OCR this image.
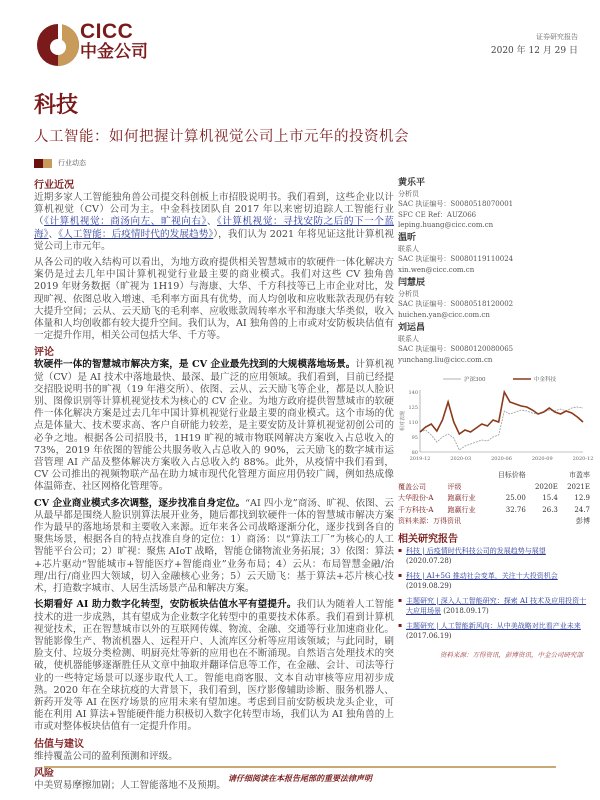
CICC
中金公司
证券研究报告
2020 年 12 月 29 日
科技
人工智能：如何把握计算机视觉公司上市元年的投资机会
行业动态
行业近况

近期多家人工智能独角兽公司提交科创板上市招股说明书。我们看到，这些企业以计算机视觉（CV）公司为主。中金科技团队自 2017 年以来密切追踪人工智能行业（《计算机视觉：商汤向左、旷视向右》、《计算机视觉：寻找安防之后的下一个蓝海》、《人工智能：后疫情时代的发展趋势》），我们认为 2021 年将见证这批计算机视觉公司上市元年。

从各公司的收入结构可以看出，为地方政府提供相关智慧城市的软硬件一体化解决方案仍是过去几年中国计算机视觉行业最主要的商业模式。我们对这些 CV 独角兽 2019 年财务数据（旷视为 1H19）与海康、大华、千方科技等已上市企业对比，发现旷视、依图总收入增速、毛利率方面具有优势，而人均创收和应收账款表现仍有较大提升空间；云从、云天励飞的毛利率、应收账款周转率水平和海康大华类似，收入体量和人均创收都有较大提升空间。我们认为，AI 独角兽的上市或对安防板块估值有一定提升作用，相关公司包括大华、千方等。

评论

软硬件一体的智慧城市解决方案，是 CV 企业最先找到的大规模落地场景。计算机视觉（CV）是 AI 技术中落地最快、最深、最广泛的应用领域。我们看到，目前已经提交招股说明书的旷视（19 年港交所）、依图、云从、云天励飞等企业，都是以人脸识别、图像识别等计算机视觉技术为核心的 CV 企业。为地方政府提供智慧城市的软硬件一体化解决方案是过去几年中国计算机视觉行业最主要的商业模式。这个市场的优点是体量大、技术要求高、客户自研能力较差，是主要安防及计算机视觉初创公司的必争之地。根据各公司招股书，1H19 旷视的城市物联网解决方案收入占总收入的 73%，2019 年依图的智能公共服务收入占总收入的 90%，云天励飞的数字城市运营管理 AI 产品及整体解决方案收入占总收入约 88%。此外，从疫情中我们看到，CV 公司推出的视频物联产品在助力城市现代化管理方面应用仍较广阔，例如热成像体温筛查、社区网格化管理等。

CV 企业商业模式多次调整，逐步找准自身定位。“AI 四小龙”商汤、旷视、依图、云从最早都是围绕人脸识别算法展开业务，随后都找到软硬件一体的智慧城市解决方案作为最早的落地场景和主要收入来源。近年来各公司战略逐渐分化，逐步找到各自的聚焦场景，根据各自的特点找准自身的定位：1）商汤：以“算法工厂”为核心的人工智能平台公司；2）旷视：聚焦 AIoT 战略，智能仓储物流业务拓展；3）依图：算法+芯片驱动“智能城市+智能医疗+智能商业”业务布局；4）云从：布局智慧金融/治理/出行/商业四大领域，切入金融核心业务；5）云天励飞：基于算法+芯片核心技术，打造数字城市、人居生活场景产品和解决方案。

长期看好 AI 助力数字化转型，安防板块估值水平有望提升。我们认为随着人工智能技术的进一步成熟，其有望成为企业数字化转型中的重要技术体系。我们看到计算机视觉技术，正在智慧城市以外的互联网传媒、物流、金融、交通等行业加速商业化。智能影像生产、物流机器人、远程开户、人流库区分析等应用该领域；与此同时，刷脸支付、垃圾分类检测、明厨亮灶等新的应用也在不断涌现。自然语言处理技术的突破，使机器能够逐渐胜任从文章中抽取并翻译信息等工作，在金融、会计、司法等行业的一些特定场景可以逐步取代人工。智能电商客服、文本自动审核等应用初步成熟。2020 年在全球抗疫的大背景下，我们看到，医疗影像辅助诊断、服务机器人、新药开发等 AI 在医疗场景的应用未来有望加速。考虑到目前安防板块龙头企业，可能在利用 AI 算法+智能硬件能力积极切入数字化转型市场，我们认为 AI 独角兽的上市或对整体板块估值有一定提升作用。

估值与建议

维持覆盖公司的盈利预测和评级。

风险

中美贸易摩擦加剧；人工智能落地不及预期。

黄乐平
分析员
SAC 执证编号：S0080518070001
SFC CE Ref：AUZ066
leping.huang@cicc.com.cn
温昕
联系人
SAC 执证编号：S0080119110024
xin.wen@cicc.com.cn
闫慧辰
分析员
SAC 执证编号：S0080518120002
huichen.yan@cicc.com.cn
刘运昌
联系人
SAC 执证编号：S0080120080065
yunchang.liu@cicc.com.cn
80
95
110
125
140
2019-12	2020-03	2020-06	2020-09	2020-12
相对表现
沪深300	中金科技
		目标价格	市盈率	
覆盖公司	评级		2020E	2021E
大华股份-A	跑赢行业	25.00	15.4	12.9
千方科技-A	跑赢行业	32.76	26.3	24.7
资料来源：万得资讯				彭博
相关研究报告
▪ 科技 | 后疫情时代科技公司的发展趋势与展望
(2020.07.28)
▪ 科技 | AI+5G 推动社会变革，关注十大投资机会
(2019.08.29)
▪ 主题研究 | 深入人工智能研究：探索 AI 技术及应用投资十大应用场景 (2018.09.17)
▪ 主题研究 | 人工智能新风向：从中美战略对比看产业未来 (2017.06.19)
资料来源：万得资讯，彭博资讯，中金公司研究部
请仔细阅读在本报告尾部的重要法律声明
